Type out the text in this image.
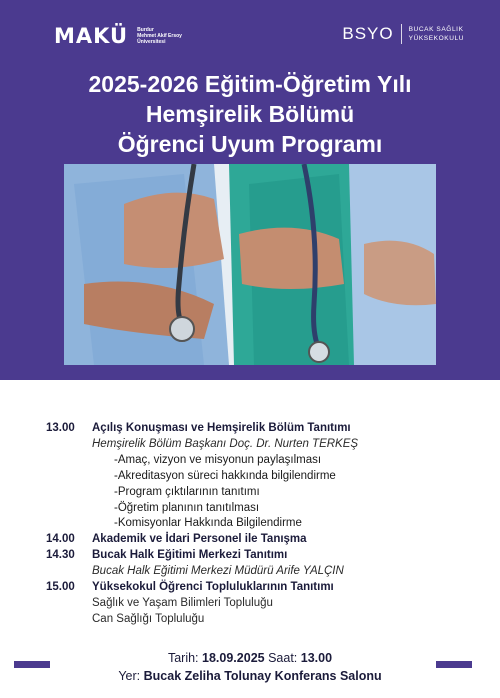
MAKÜ Burdur
Mehmet Akif Ersoy
Üniversitesi	BSYO BUCAK SAĞLIK
YÜKSEKOKULU
2025-2026 Eğitim-Öğretim Yılı
Hemşirelik Bölümü
Öğrenci Uyum Programı
13.00	Açılış Konuşması ve Hemşirelik Bölüm Tanıtımı
Hemşirelik Bölüm Başkanı Doç. Dr. Nurten TERKEŞ
-Amaç, vizyon ve misyonun paylaşılması
-Akreditasyon süreci hakkında bilgilendirme
-Program çıktılarının tanıtımı
-Öğretim planının tanıtılması
-Komisyonlar Hakkında Bilgilendirme
14.00	Akademik ve İdari Personel ile Tanışma
14.30	Bucak Halk Eğitimi Merkezi Tanıtımı
Bucak Halk Eğitimi Merkezi Müdürü Arife YALÇIN
15.00	Yüksekokul Öğrenci Topluluklarının Tanıtımı
Sağlık ve Yaşam Bilimleri Topluluğu
Can Sağlığı Topluluğu
Tarih: 18.09.2025 Saat: 13.00
Yer: Bucak Zeliha Tolunay Konferans Salonu
